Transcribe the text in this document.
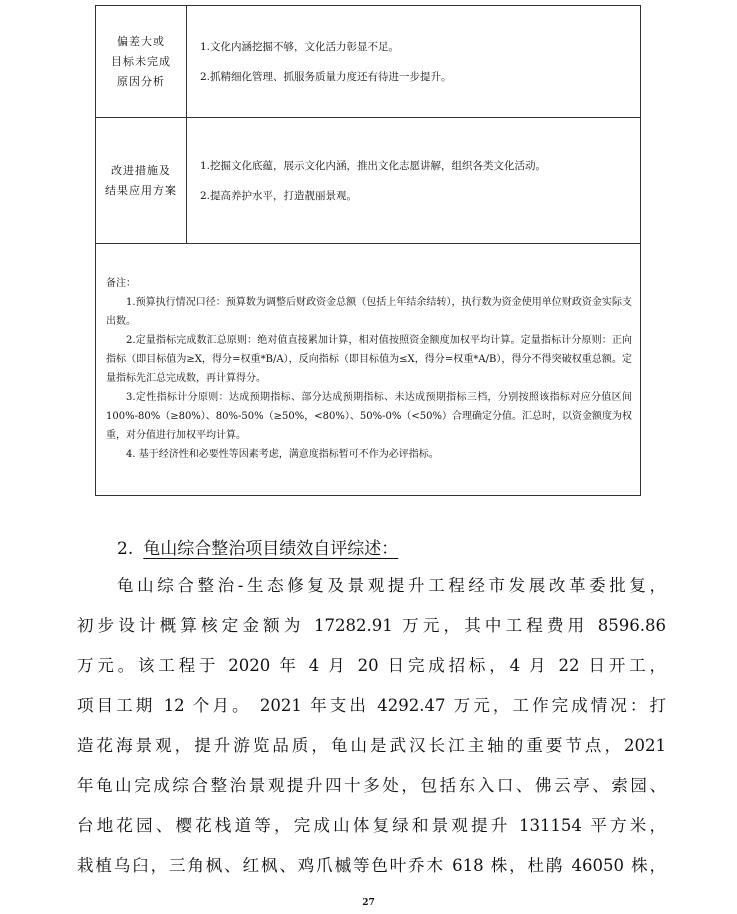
偏差大或
目标未完成
原因分析
1.文化内涵挖掘不够，文化活力彰显不足。
2.抓精细化管理、抓服务质量力度还有待进一步提升。
改进措施及
结果应用方案
1.挖掘文化底蕴，展示文化内涵，推出文化志愿讲解，组织各类文化活动。
2.提高养护水平，打造靓丽景观。

备注：

1.预算执行情况口径：预算数为调整后财政资金总额（包括上年结余结转），执行数为资金使用单位财政资金实际支出数。

2.定量指标完成数汇总原则：绝对值直接累加计算，相对值按照资金额度加权平均计算。定量指标计分原则：正向指标（即目标值为≥X，得分=权重*B/A），反向指标（即目标值为≤X，得分=权重*A/B），得分不得突破权重总额。定量指标先汇总完成数，再计算得分。

3.定性指标计分原则：达成预期指标、部分达成预期指标、未达成预期指标三档，分别按照该指标对应分值区间 100%-80%（≥80%）、80%-50%（≥50%，<80%）、50%-0%（<50%）合理确定分值。汇总时，以资金额度为权重，对分值进行加权平均计算。

4. 基于经济性和必要性等因素考虑，满意度指标暂可不作为必评指标。

2. 龟山综合整治项目绩效自评综述：
龟山综合整治-生态修复及景观提升工程经市发展改革委批复，
初步设计概算核定金额为 17282.91 万元，其中工程费用 8596.86
万元。该工程于 2020 年 4 月 20 日完成招标，4 月 22 日开工，
项目工期 12 个月。 2021 年支出 4292.47 万元，工作完成情况：打
造花海景观，提升游览品质，龟山是武汉长江主轴的重要节点，2021
年龟山完成综合整治景观提升四十多处，包括东入口、佛云亭、索园、
台地花园、樱花栈道等，完成山体复绿和景观提升 131154 平方米，
栽植乌臼，三角枫、红枫、鸡爪槭等色叶乔木 618 株，杜鹃 46050 株，
27
